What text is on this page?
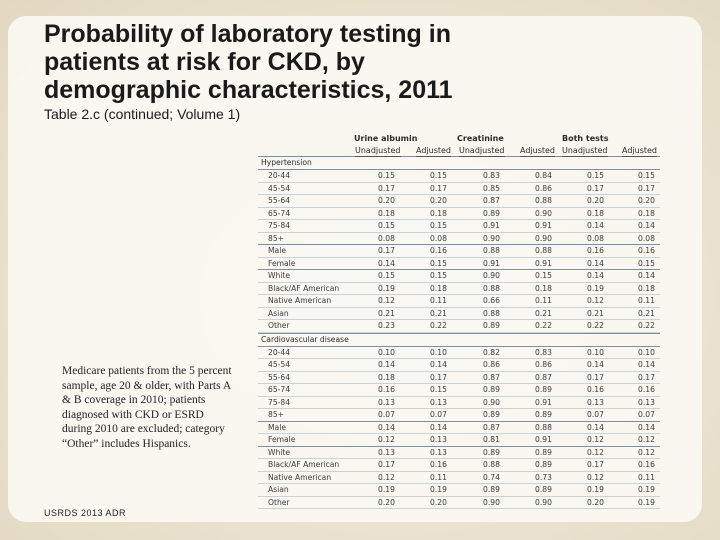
Probability of laboratory testing in patients at risk for CKD, by demographic characteristics, 2011
Table 2.c (continued; Volume 1)
Medicare patients from the 5 percent sample, age 20 & older, with Parts A & B coverage in 2010; patients diagnosed with CKD or ESRD during 2010 are excluded; category “Other” includes Hispanics.
USRDS 2013 ADR
Urine albumin	Creatinine	Both tests
Unadjusted Adjusted Unadjusted Adjusted Unadjusted Adjusted
Hypertension
20-44	0.15	0.15	0.83	0.84	0.15	0.15
45-54	0.17	0.17	0.85	0.86	0.17	0.17
55-64	0.20	0.20	0.87	0.88	0.20	0.20
65-74	0.18	0.18	0.89	0.90	0.18	0.18
75-84	0.15	0.15	0.91	0.91	0.14	0.14
85+	0.08	0.08	0.90	0.90	0.08	0.08
Male	0.17	0.16	0.88	0.88	0.16	0.16
Female	0.14	0.15	0.91	0.91	0.14	0.15
White	0.15	0.15	0.90	0.15	0.14	0.14
Black/AF American	0.19	0.18	0.88	0.18	0.19	0.18
Native American	0.12	0.11	0.66	0.11	0.12	0.11
Asian	0.21	0.21	0.88	0.21	0.21	0.21
Other	0.23	0.22	0.89	0.22	0.22	0.22
Cardiovascular disease
20-44	0.10	0.10	0.82	0.83	0.10	0.10
45-54	0.14	0.14	0.86	0.86	0.14	0.14
55-64	0.18	0.17	0.87	0.87	0.17	0.17
65-74	0.16	0.15	0.89	0.89	0.16	0.16
75-84	0.13	0.13	0.90	0.91	0.13	0.13
85+	0.07	0.07	0.89	0.89	0.07	0.07
Male	0.14	0.14	0.87	0.88	0.14	0.14
Female	0.12	0.13	0.81	0.91	0.12	0.12
White	0.13	0.13	0.89	0.89	0.12	0.12
Black/AF American	0.17	0.16	0.88	0.89	0.17	0.16
Native American	0.12	0.11	0.74	0.73	0.12	0.11
Asian	0.19	0.19	0.89	0.89	0.19	0.19
Other	0.20	0.20	0.90	0.90	0.20	0.19
